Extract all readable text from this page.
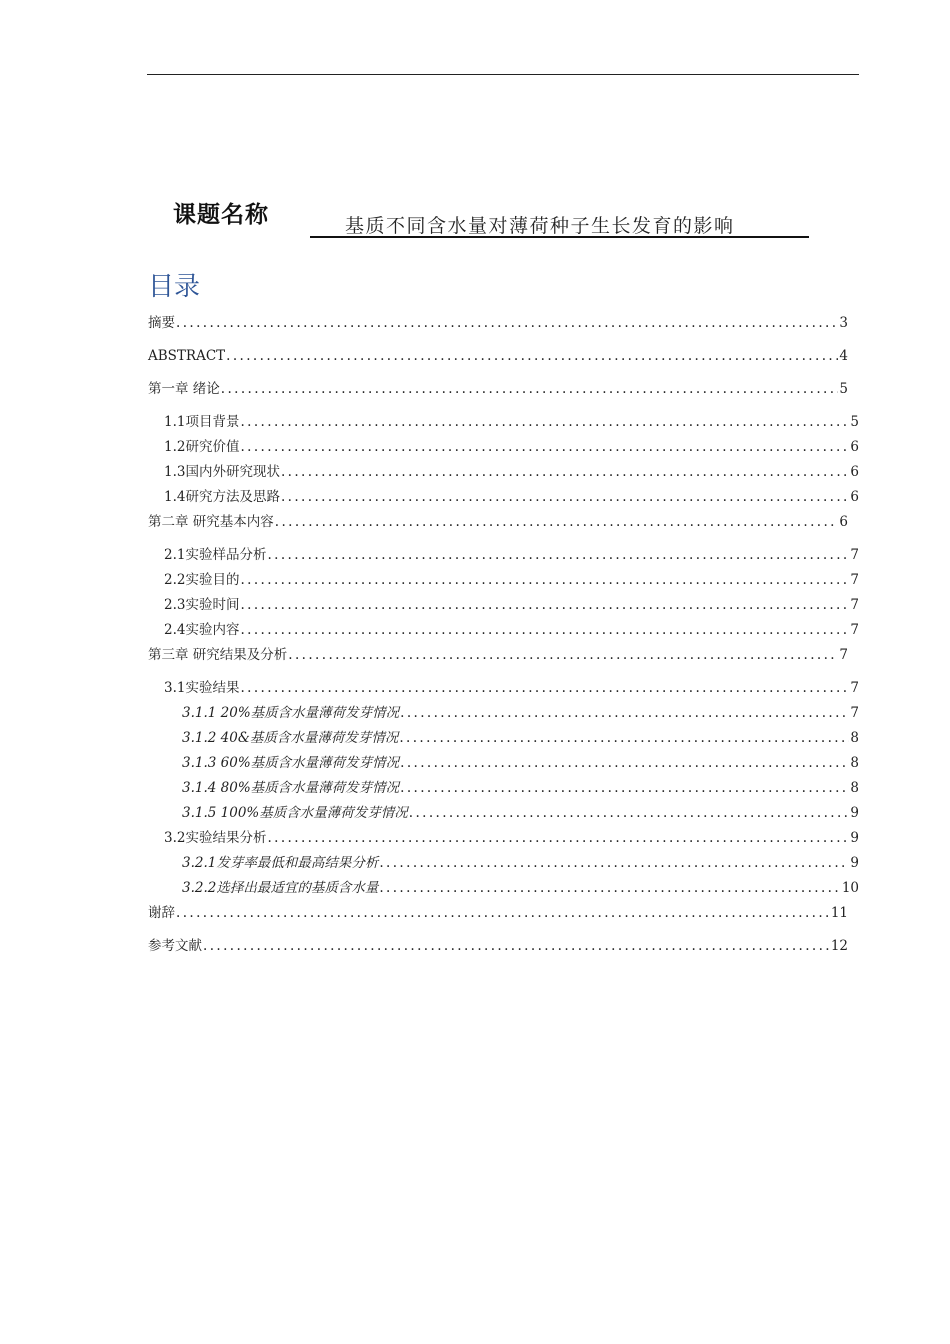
课题名称	基质不同含水量对薄荷种子生长发育的影响
目录
摘要 .....	3
ABSTRACT .....	4
第一章 绪论 .....	5
1.1项目背景 .....	5
1.2研究价值 .....	6
1.3国内外研究现状 .....	6
1.4研究方法及思路 .....	6
第二章 研究基本内容 .....	6
2.1实验样品分析 .....	7
2.2实验目的 .....	7
2.3实验时间 .....	7
2.4实验内容 .....	7
第三章 研究结果及分析 .....	7
3.1实验结果 .....	7
3.1.1 20%基质含水量薄荷发芽情况 .....	7
3.1.2 40&基质含水量薄荷发芽情况 .....	8
3.1.3 60%基质含水量薄荷发芽情况 .....	8
3.1.4 80%基质含水量薄荷发芽情况 .....	8
3.1.5 100%基质含水量薄荷发芽情况 .....	9
3.2实验结果分析 .....	9
3.2.1发芽率最低和最高结果分析 .....	9
3.2.2选择出最适宜的基质含水量 .....	10
谢辞 .....	11
参考文献 .....	12
